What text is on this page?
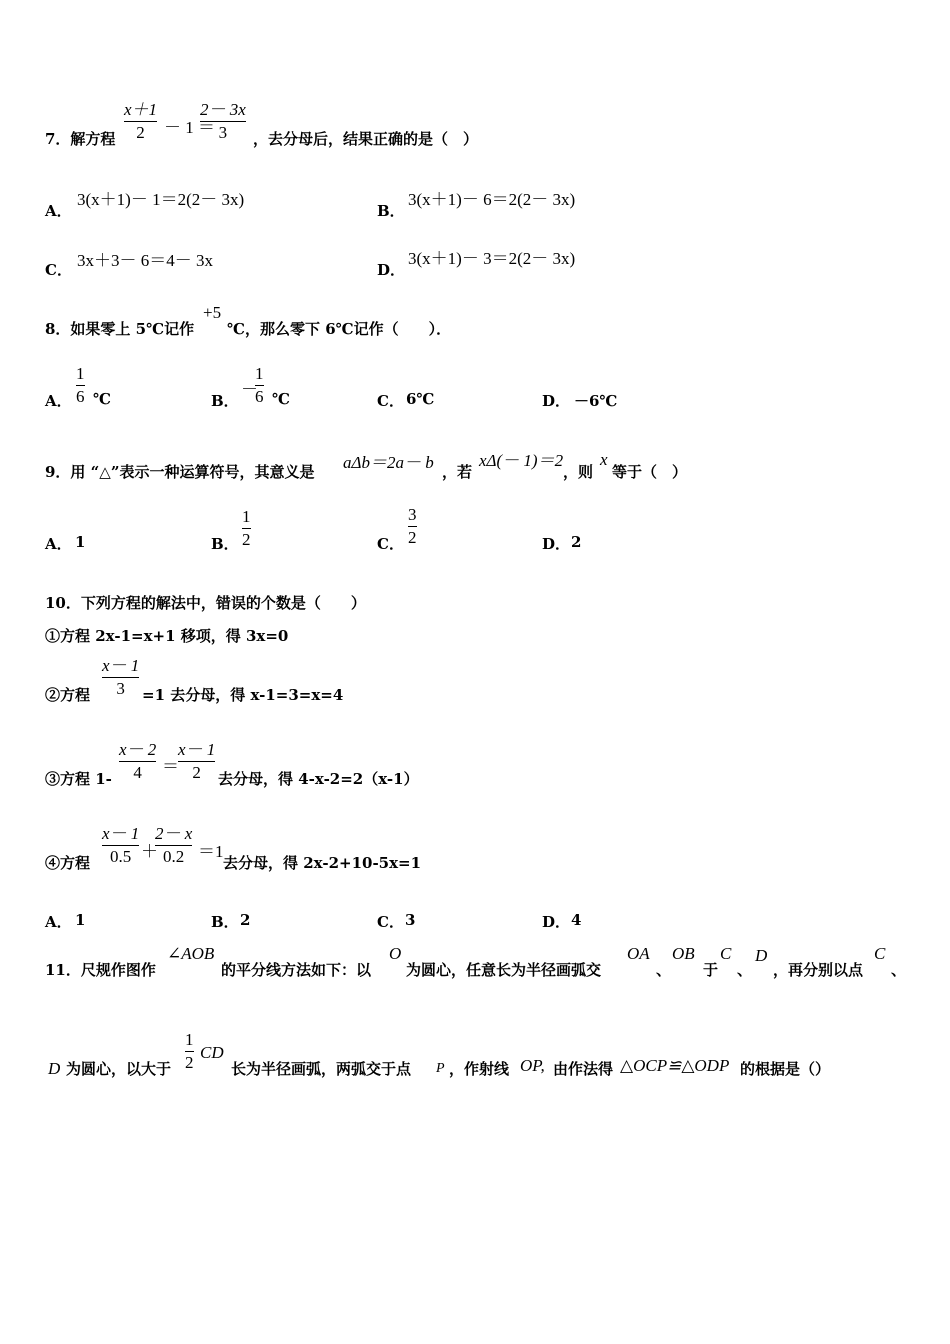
7．解方程
x＋1
2	－ 1 ＝
2－ 3x
3	，去分母后，结果正确的是（　）
A．
3(x＋1)－ 1＝2(2－ 3x)
B．
3(x＋1)－ 6＝2(2－ 3x)
C． 3x＋3－ 6＝4－ 3x	D．
3(x＋1)－ 3＝2(2－ 3x)
8．如果零上 5℃记作
+5
℃，那么零下 6℃记作（　　）．
A．
1
6 ℃	B．
－
1
6 ℃	C． 6℃	D． －6℃
9．用 “△”表示一种运算符号，其意义是 aΔb＝2a－ b ，若
xΔ(－ 1)＝2
，则
x
等于（　）
A． 1	B．
1
2	C．
3
2	D． 2
10．下列方程的解法中，错误的个数是（　　）
①方程 2x-1=x+1 移项，得 3x=0
②方程
x－ 1
3	=1 去分母，得 x-1=3=x=4
③方程 1-
x－ 2
4	＝
x－ 1
2	去分母，得 4-x-2=2（x-1）
④方程
x－ 1
0.5 ＋
2－ x
0.2 ＝1
去分母，得 2x-2+10-5x=1
A． 1	B． 2	C． 3	D． 4
11．尺规作图作
∠AOB
的平分线方法如下：以
O
为圆心，任意长为半径画弧交
OA
、
OB
于
C
、
D
，再分别以点
C
、
D 为圆心，以大于
1
2
CD
长为半径画弧，两弧交于点 P ，作射线 OP, 由作法得 △OCP≌△ODP 的根据是（）
